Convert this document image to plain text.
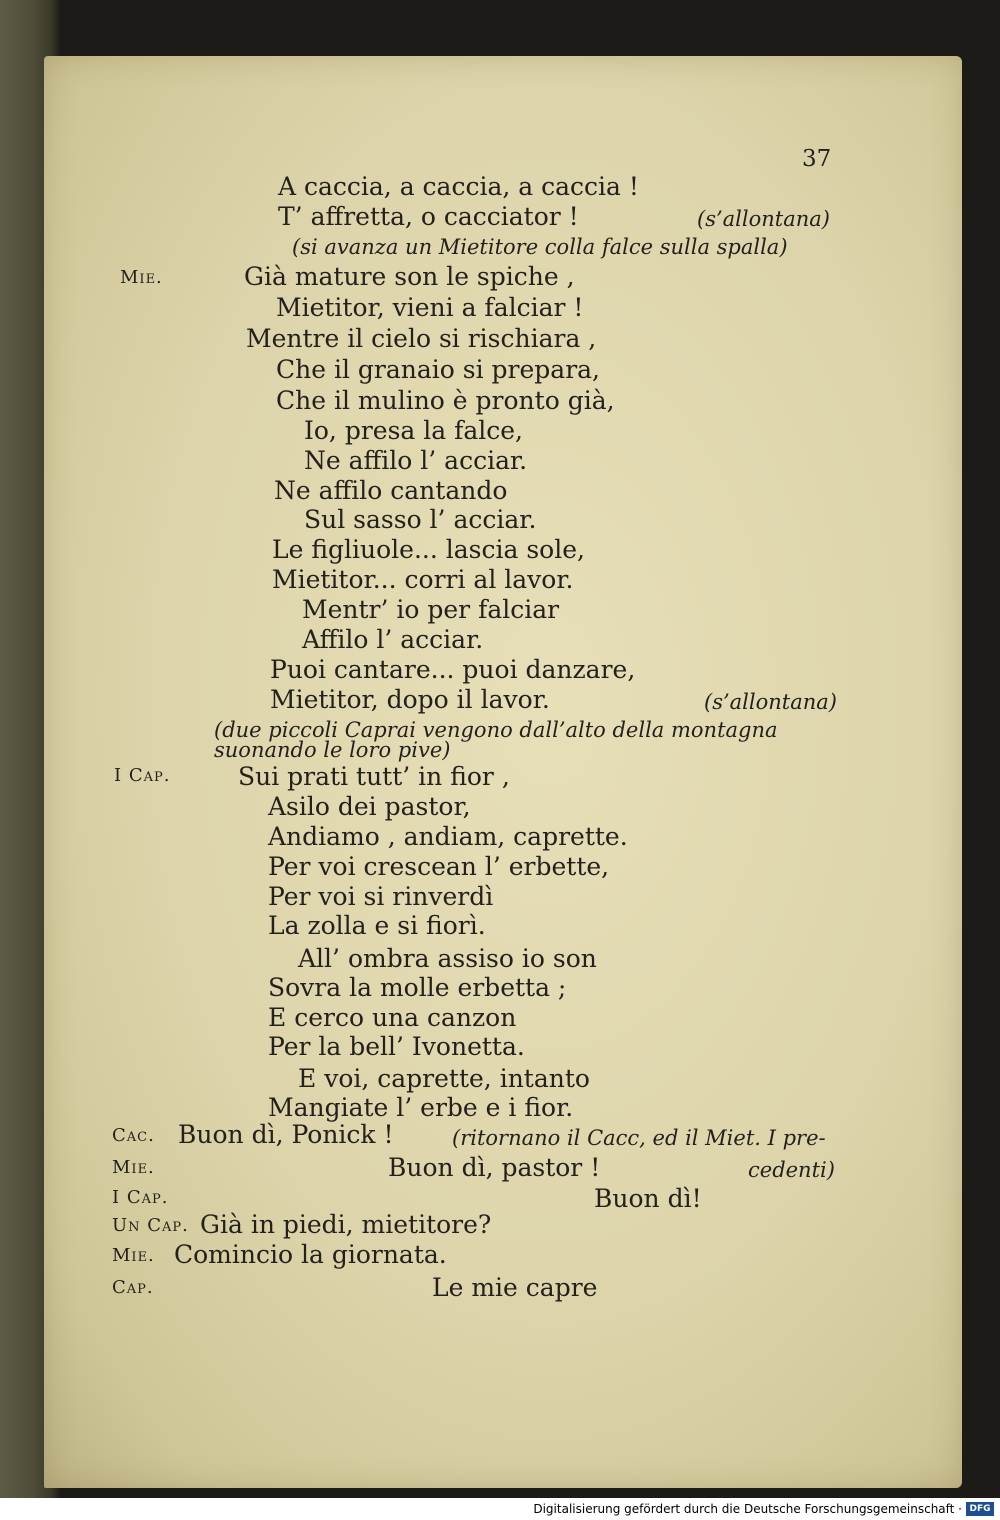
37
(s’allontana)
(si avanza un Mietitore colla falce sulla spalla)
A caccia, a caccia, a caccia !
T’ affretta, o cacciator !
Mie.	Già mature son le spiche ,
Mietitor, vieni a falciar !
Mentre il cielo si rischiara ,
Che il granaio si prepara,
Che il mulino è pronto già,
Io, presa la falce,
Ne affilo l’ acciar.
Ne affilo cantando
Sul sasso l’ acciar.
Le figliuole... lascia sole,
Mietitor... corri al lavor.
Mentr’ io per falciar
Affilo l’ acciar.
Puoi cantare... puoi danzare,
Mietitor, dopo il lavor.	(s’allontana)
(due piccoli Caprai vengono dall’alto della montagna
suonando le loro pive)
I Cap.	Sui prati tutt’ in fior ,
Asilo dei pastor,
Andiamo , andiam, caprette.
Per voi crescean l’ erbette,
Per voi si rinverdì
La zolla e si fiorì.
All’ ombra assiso io son
Sovra la molle erbetta ;
E cerco una canzon
Per la bell’ Ivonetta.
E voi, caprette, intanto
Mangiate l’ erbe e i fior.
Cac. Buon dì, Ponick !	(ritornano il Cacc, ed il Miet. I pre-
Mie.	Buon dì, pastor !	cedenti)
I Cap.	Buon dì!
Un Cap. Già in piedi, mietitore?
Mie. Comincio la giornata.
Cap.	Le mie capre
Digitalisierung gefördert durch die Deutsche Forschungsgemeinschaft · DFG
